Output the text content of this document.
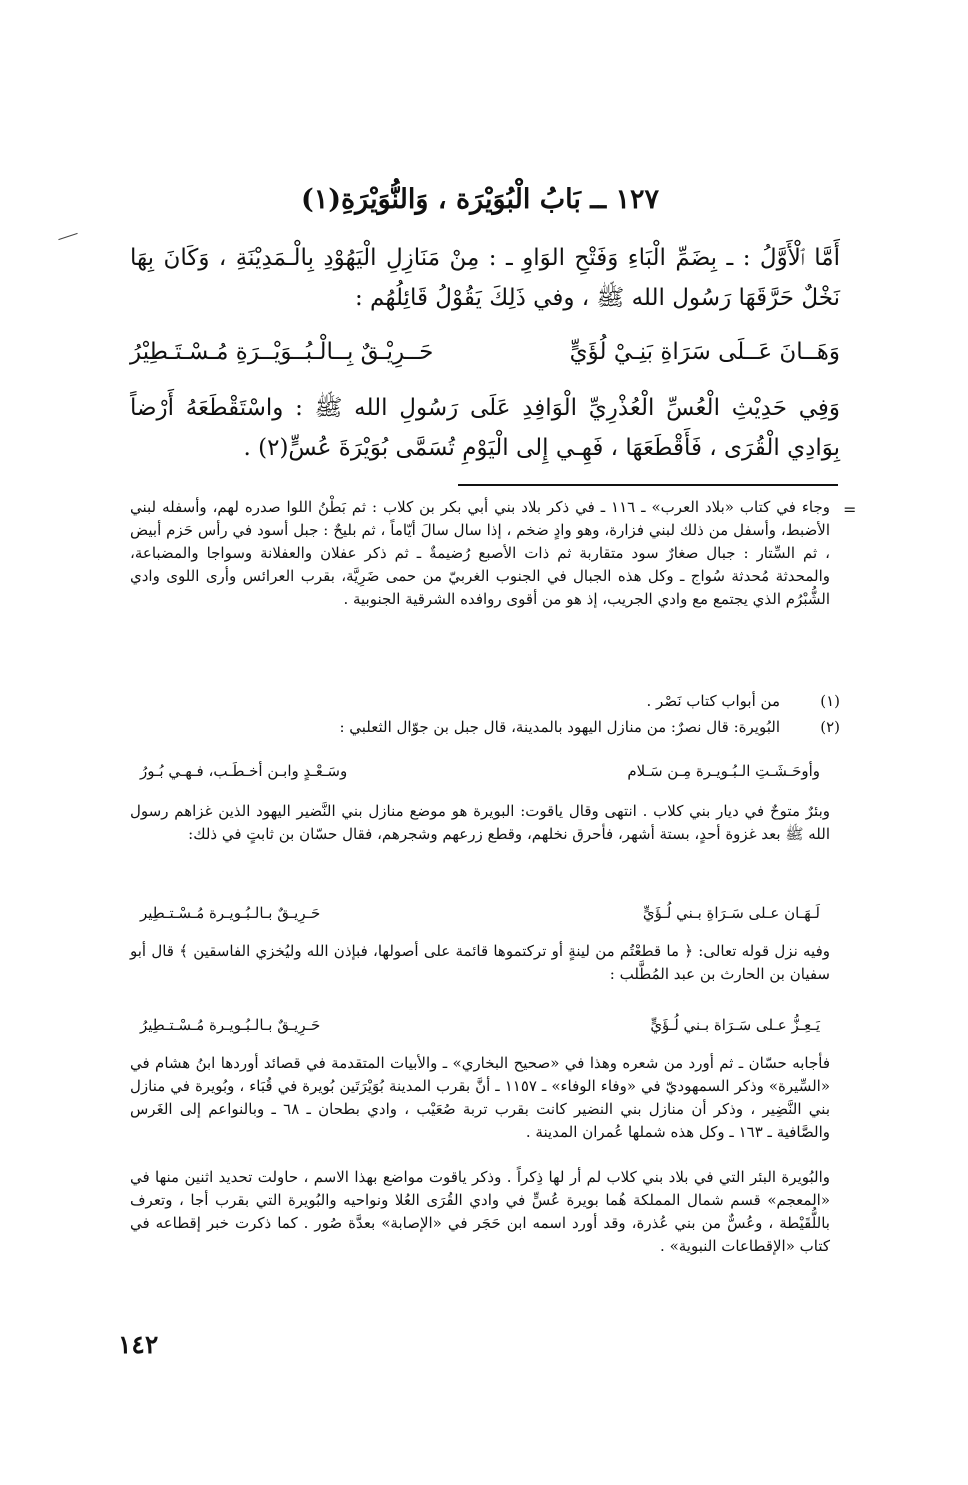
١٢٧ ــ بَابُ الْبُوَيْرَة ، وَالنُّوَيْرَةِ(١)
أَمَّا ٱلْأَوَّلُ : ـ بِضَمِّ الْبَاءِ وَفَتْحِ الوَاوِ ـ : مِنْ مَنَازِلِ الْيَهُوْدِ بِالْـمَدِيْنَةِ ، وَكَانَ بِهَا نَخْلٌ حَرَّقَهَا رَسُول الله ﷺ ، وفي ذَلِكَ يَقُوْلُ قَائِلُهُم :
وَهَــانَ عَــلَى سَرَاةِ بَنِـيْ لُؤَيٍّ
حَــرِيْـقٌ بِــالْـبُــوَيْــرَةِ مُـسْـتَـطِيْرُ
وَفِي حَدِيْثِ الْعُسِّ الْعُذْرِيِّ الْوَافِدِ عَلَى رَسُولِ الله ﷺ : واسْتَقْطَعَهُ أَرْضاً بِوَادِي الْقُرَى ، فَأَقْطَعَهَا ، فَهِـي إِلى الْيَوْمِ تُسَمَّى بُوَيْرَةَ عُسٍّ(٢) .
=
وجاء في كتاب «بلاد العرب» ـ ١١٦ ـ في ذكر بلاد بني أبي بكر بن كلاب : ثم بَطْنُ اللوا صدره لهم، وأسفله لبني الأضبط، وأسفل من ذلك لبني فزارة، وهو وادٍ ضخم ، إذا سال سالَ أيّاماً ، ثم بليحٌ : جبل أسود في رأس حَزم أبيض ، ثم السِّتار : جبال صغارٌ سود متقاربة ثم ذات الأصبع رُضيمةٌ ـ ثم ذكر عفلان والعفلانة وسواجا والمضباعة، والمحدثة مُحدثة سُواج ـ وكل هذه الجبال في الجنوب الغربيّ من حمى ضَرِيَّة، بقرب العرائس وأرى اللوى وادي الشُّبْرُم الذي يجتمع مع وادي الجريب، إذ هو من أقوى روافده الشرقية الجنوبية .
(١)
من أبواب كتاب نَصْر .
(٢)
البُويرة: قال نصرٌ: من منازل اليهود بالمدينة، قال جبل بن جوّال الثعلبي :
وأوحَـشَـتِ الـبُـويـرة مِـن سَـلام
وسَـعْـدٍ وابـن أخـطَـب، فـهـي بُـورُ
وبئرٌ متوحٌ في ديار بني كلاب . انتهى وقال ياقوت: البويرة هو موضع منازل بني النَّضير اليهود الذين غزاهم رسول الله ﷺ بعد غزوة أحدٍ، بستة أشهر، فأحرق نخلهم، وقطع زرعهم وشجرهم، فقال حسّان بن ثابتٍ في ذلك:
لَـهَـان عـلى سَـرَاةِ بـني لُـؤَيٍّ
حَـرِيـقٌ بـالـبُـويـرة مُـسْـتـطِير
وفيه نزل قوله تعالى: ﴿ ما قطعْتُم من لينةٍ أو تركتموها قائمة على أصولها، فبإذن الله وليُخزي الفاسقين ﴾ قال أبو سفيان بن الحارث بن عبد المُطَّلب :
يَـعِـزُّ عـلى سَـرَاة بـني لُـؤَيٍّ
حَـرِيـقٌ بـالـبُـويـرة مُـسْـتـطِيرُ
فأجابه حسّان ـ ثم أورد من شعره وهذا في «صحيح البخاري» ـ والأبيات المتقدمة في قصائد أوردها ابنُ هشام في «السِّيرة» وذكر السمهوديّ في «وفاء الوفاء» ـ ١١٥٧ ـ أنَّ بقرب المدينة بُوَيْرَتَين بُويرة في قُبَاء ، وبُويرة في منازل بني النَّضِير ، وذكر أن منازل بني النضير كانت بقرب تربة صُعَيْب ، وادي بطحان ـ ٦٨ ـ وبالنواعم إلى الغَرس والصَّافية ـ ١٦٣ ـ وكل هذه شملها عُمران المدينة .
والبُويرة البئر التي في بلاد بني كلاب لم أر لها ذِكراً . وذكر ياقوت مواضع بهذا الاسم ، حاولت تحديد اثنين منها في «المعجم» قسم شمال المملكة هُما بويرة عُسٍّ في وادي القُرَى العُلا ونواحيه والبُويرة التي بقرب أجا ، وتعرف باللُّقَيْطة ، وعُسٌّ من بني عُذرة، وقد أورد اسمه ابن حَجَر في «الإصابة» بعدَّة صُور . كما ذكرت خبر إقطاعه في كتاب «الإقطاعات النبوية» .
١٤٢
